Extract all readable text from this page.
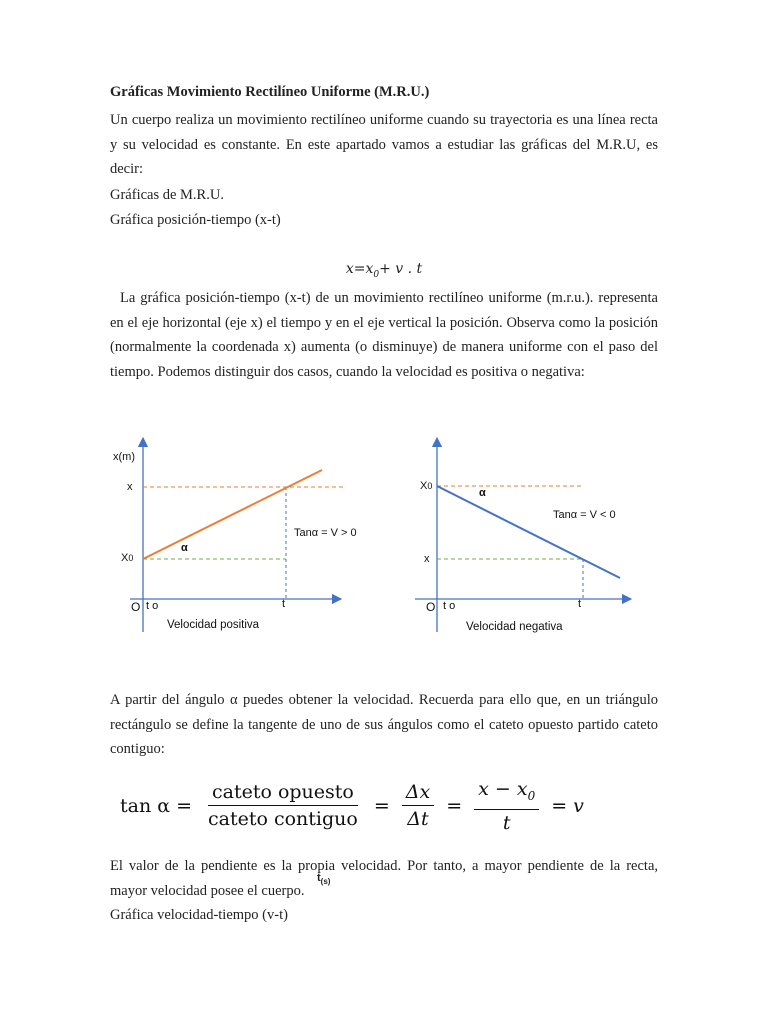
Gráficas Movimiento Rectilíneo Uniforme (M.R.U.)
Un cuerpo realiza un movimiento rectilíneo uniforme cuando su trayectoria es una línea recta y su velocidad es constante. En este apartado vamos a estudiar las gráficas del M.R.U, es decir:
Gráficas de M.R.U.
Gráfica posición-tiempo (x-t)
$x=x_0+ v$ . t
La gráfica posición-tiempo (x-t) de un movimiento rectilíneo uniforme (m.r.u.). representa en el eje horizontal (eje x) el tiempo y en el eje vertical la posición. Observa como la posición (normalmente la coordenada x) aumenta (o disminuye) de manera uniforme con el paso del tiempo. Podemos distinguir dos casos, cuando la velocidad es positiva o negativa:
x(m)
x
X0
α
Tanα = V > 0
O t o	t
Velocidad positiva
X0
x
α
Tanα = V < 0
O t o	t
Velocidad negativa
A partir del ángulo α puedes obtener la velocidad. Recuerda para ello que, en un triángulo rectángulo se define la tangente de uno de sus ángulos como el cateto opuesto partido cateto contiguo:
$\tan \alpha = \frac{\text{cateto opuesto}}{\text{cateto contiguo}} = \frac{\Delta x}{\Delta t} = \frac{x - x_0}{t} = v$
El valor de la pendiente es la propia velocidad. Por tanto, a mayor pendiente de la recta, mayor velocidad posee el cuerpo.
$t_{(s)}$
Gráfica velocidad-tiempo (v-t)
